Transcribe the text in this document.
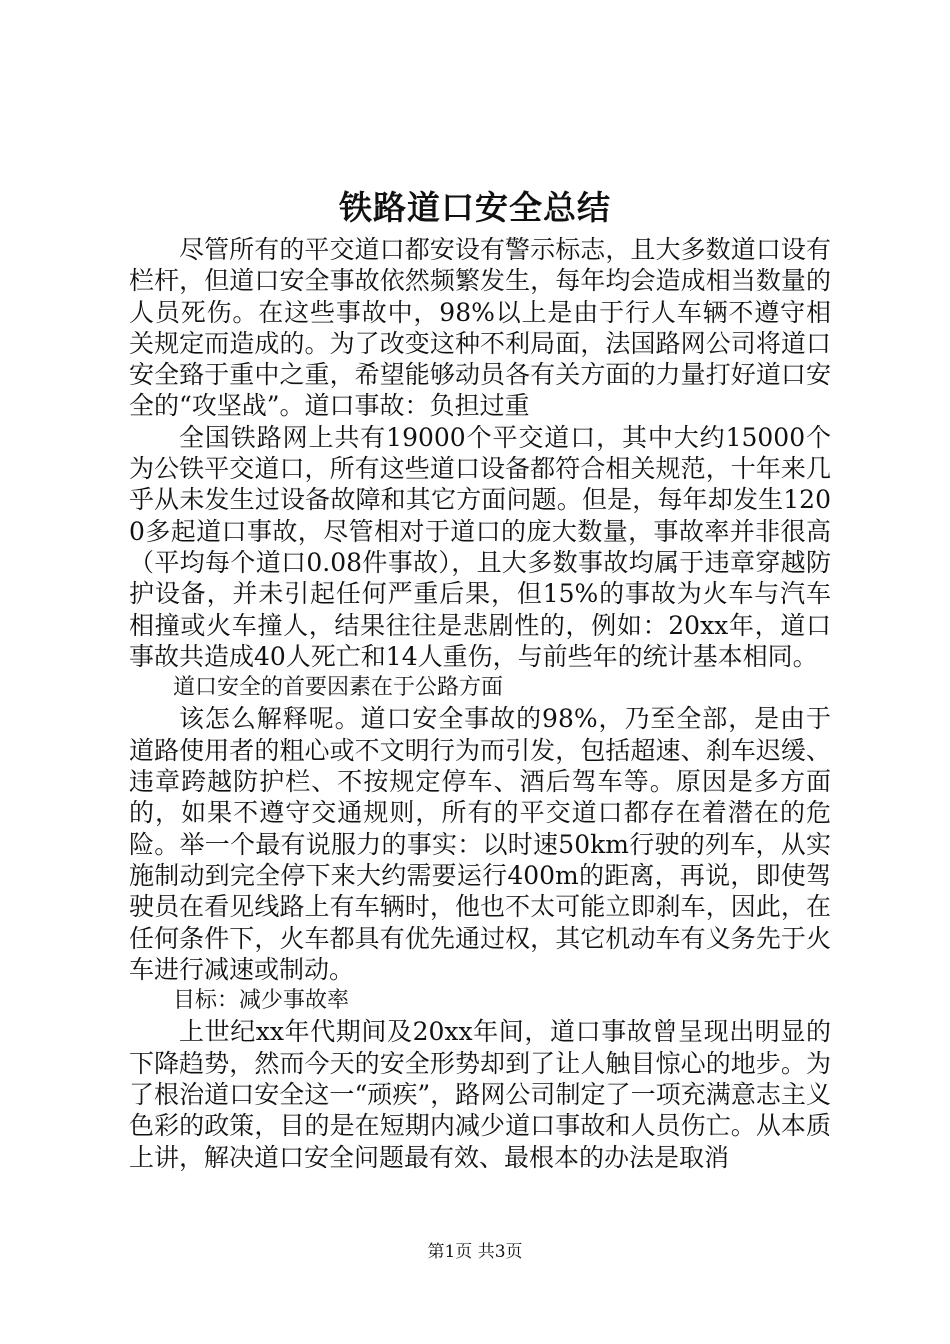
铁路道口安全总结

尽管所有的平交道口都安设有警示标志，且大多数道口设有栏杆，但道口安全事故依然频繁发生，每年均会造成相当数量的人员死伤。在这些事故中，98%以上是由于行人车辆不遵守相关规定而造成的。为了改变这种不利局面，法国路网公司将道口安全臵于重中之重，希望能够动员各有关方面的力量打好道口安全的“攻坚战”。道口事故：负担过重

全国铁路网上共有19000个平交道口，其中大约15000个为公铁平交道口，所有这些道口设备都符合相关规范，十年来几乎从未发生过设备故障和其它方面问题。但是，每年却发生1200多起道口事故，尽管相对于道口的庞大数量，事故率并非很高（平均每个道口0.08件事故），且大多数事故均属于违章穿越防护设备，并未引起任何严重后果，但15%的事故为火车与汽车相撞或火车撞人，结果往往是悲剧性的，例如：20xx年，道口事故共造成40人死亡和14人重伤，与前些年的统计基本相同。

道口安全的首要因素在于公路方面

该怎么解释呢。道口安全事故的98%，乃至全部，是由于道路使用者的粗心或不文明行为而引发，包括超速、刹车迟缓、违章跨越防护栏、不按规定停车、酒后驾车等。原因是多方面的，如果不遵守交通规则，所有的平交道口都存在着潜在的危险。举一个最有说服力的事实：以时速50km行驶的列车，从实施制动到完全停下来大约需要运行400m的距离，再说，即使驾驶员在看见线路上有车辆时，他也不太可能立即刹车，因此，在任何条件下，火车都具有优先通过权，其它机动车有义务先于火车进行减速或制动。

目标：减少事故率

上世纪xx年代期间及20xx年间，道口事故曾呈现出明显的下降趋势，然而今天的安全形势却到了让人触目惊心的地步。为了根治道口安全这一“顽疾”，路网公司制定了一项充满意志主义色彩的政策，目的是在短期内减少道口事故和人员伤亡。从本质上讲，解决道口安全问题最有效、最根本的办法是取消

第1页 共3页
